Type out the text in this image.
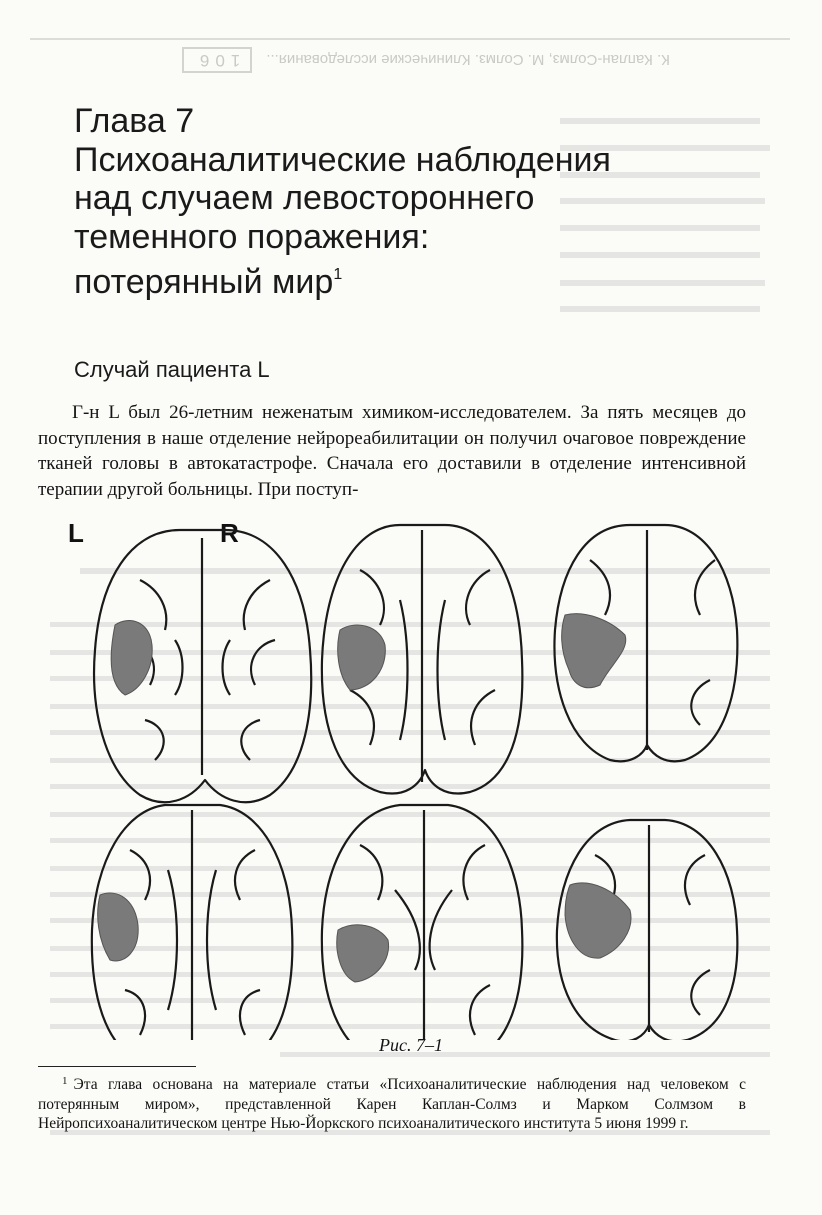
К. Каплан-Солмз, М. Солмз. Клинические исследования...
106
Глава 7
Психоаналитические наблюдения
над случаем левостороннего
теменного поражения:
потерянный мир$^1$
Случай пациента L
Г-н L был 26-летним неженатым химиком-исследователем. За пять месяцев до поступления в наше отделение нейрореабилитации он получил очаговое повреждение тканей головы в автокатастрофе. Сначала его доставили в отделение интенсивной терапии другой больницы. При поступ-
L	R
Рис. 7–1
$^1$ Эта глава основана на материале статьи «Психоаналитические наблюдения над человеком с потерянным миром», представленной Карен Каплан-Солмз и Марком Солмзом в Нейропсихоаналитическом центре Нью-Йоркского психоаналитического института 5 июня 1999 г.
